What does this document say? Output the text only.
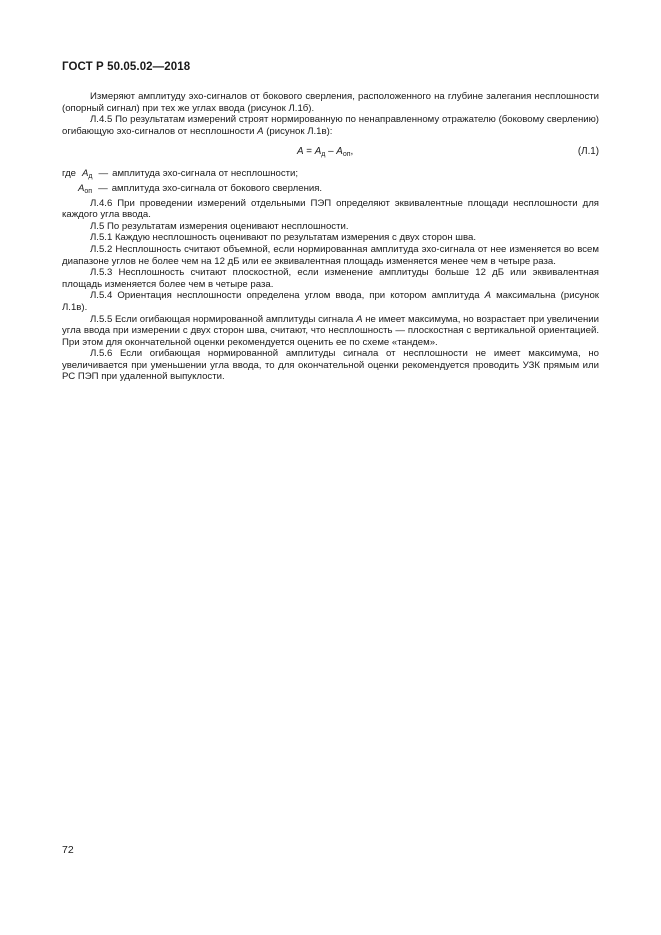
ГОСТ Р 50.05.02—2018

Измеряют амплитуду эхо-сигналов от бокового сверления, расположенного на глубине залегания несплошности (опорный сигнал) при тех же углах ввода (рисунок Л.1б).

Л.4.5 По результатам измерений строят нормированную по ненаправленному отражателю (боковому сверлению) огибающую эхо-сигналов от несплошности А (рисунок Л.1в):

$А = А_д - А_{оп}$,	(Л.1)
где $А_д$ — амплитуда эхо-сигнала от несплошности;
$А_{оп}$ — амплитуда эхо-сигнала от бокового сверления.

Л.4.6 При проведении измерений отдельными ПЭП определяют эквивалентные площади несплошности для каждого угла ввода.

Л.5 По результатам измерения оценивают несплошности.

Л.5.1 Каждую несплошность оценивают по результатам измерения с двух сторон шва.

Л.5.2 Несплошность считают объемной, если нормированная амплитуда эхо-сигнала от нее изменяется во всем диапазоне углов не более чем на 12 дБ или ее эквивалентная площадь изменяется менее чем в четыре раза.

Л.5.3 Несплошность считают плоскостной, если изменение амплитуды больше 12 дБ или эквивалентная площадь изменяется более чем в четыре раза.

Л.5.4 Ориентация несплошности определена углом ввода, при котором амплитуда А максимальна (рисунок Л.1в).

Л.5.5 Если огибающая нормированной амплитуды сигнала А не имеет максимума, но возрастает при увеличении угла ввода при измерении с двух сторон шва, считают, что несплошность — плоскостная с вертикальной ориентацией. При этом для окончательной оценки рекомендуется оценить ее по схеме «тандем».

Л.5.6 Если огибающая нормированной амплитуды сигнала от несплошности не имеет максимума, но увеличивается при уменьшении угла ввода, то для окончательной оценки рекомендуется проводить УЗК прямым или РС ПЭП при удаленной выпуклости.

72
